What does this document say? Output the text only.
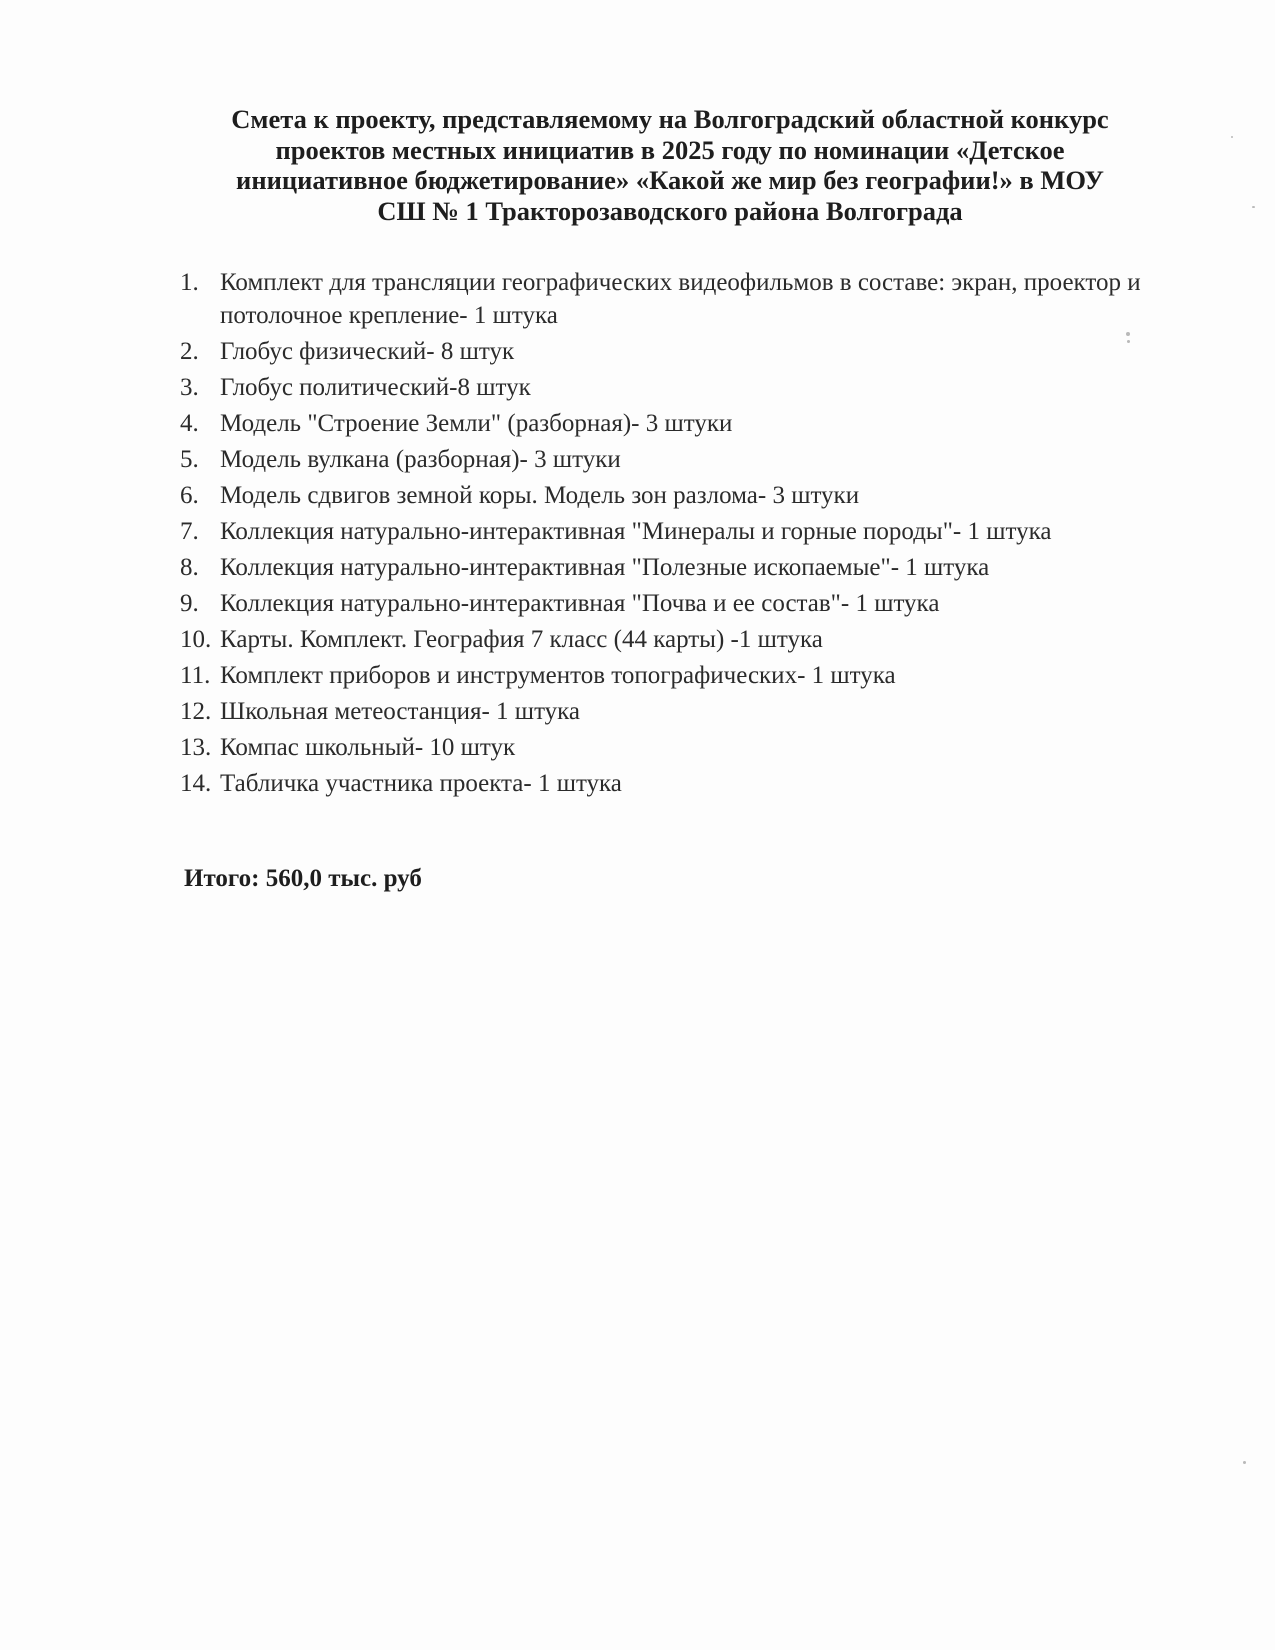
Смета к проекту, представляемому на Волгоградский областной конкурс
проектов местных инициатив в 2025 году по номинации «Детское
инициативное бюджетирование» «Какой же мир без географии!» в МОУ
СШ № 1 Тракторозаводского района Волгограда
1. Комплект для трансляции географических видеофильмов в составе: экран, проектор и потолочное крепление- 1 штука
2. Глобус физический- 8 штук
3. Глобус политический-8 штук
4. Модель "Строение Земли" (разборная)- 3 штуки
5. Модель вулкана (разборная)- 3 штуки
6. Модель сдвигов земной коры. Модель зон разлома- 3 штуки
7. Коллекция натурально-интерактивная "Минералы и горные породы"- 1 штука
8. Коллекция натурально-интерактивная "Полезные ископаемые"- 1 штука
9. Коллекция натурально-интерактивная "Почва и ее состав"- 1 штука
10. Карты. Комплект. География 7 класс (44 карты) -1 штука
11. Комплект приборов и инструментов топографических- 1 штука
12. Школьная метеостанция- 1 штука
13. Компас школьный- 10 штук
14. Табличка участника проекта- 1 штука
Итого: 560,0 тыс. руб
